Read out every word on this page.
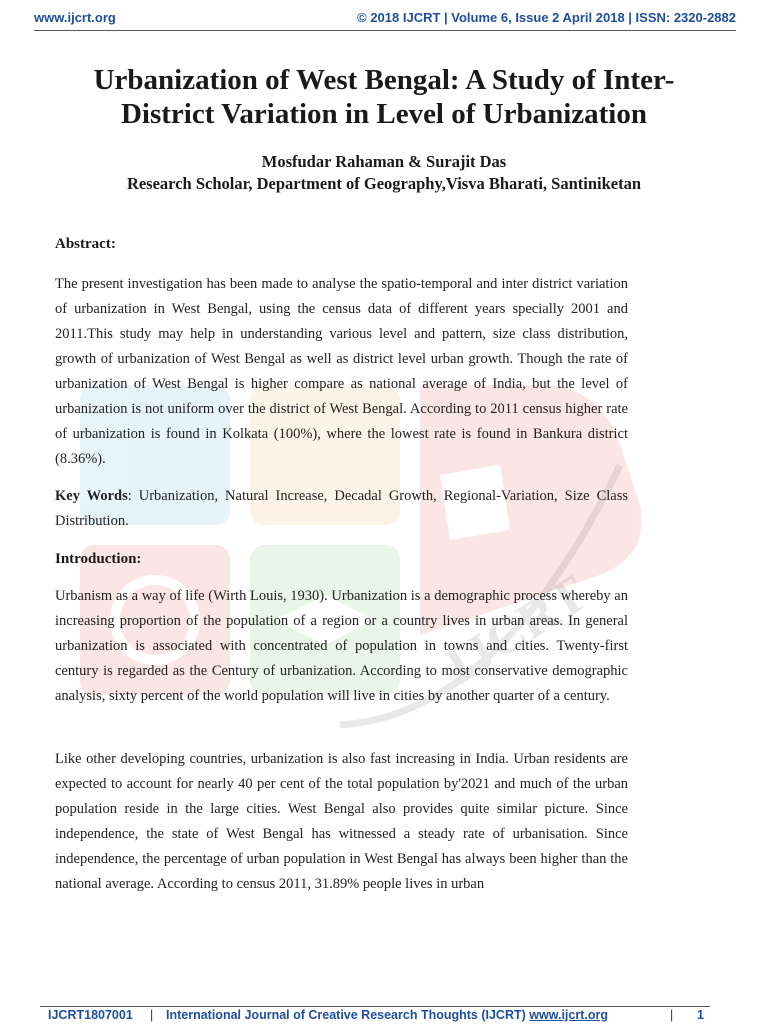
www.ijcrt.org	© 2018 IJCRT | Volume 6, Issue 2 April 2018 | ISSN: 2320-2882
IJCRT
Urbanization of West Bengal: A Study of Inter-
District Variation in Level of Urbanization
Mosfudar Rahaman & Surajit Das
Research Scholar, Department of Geography,Visva Bharati, Santiniketan
Abstract:
The present investigation has been made to analyse the spatio-temporal and inter district variation of urbanization in West Bengal, using the census data of different years specially 2001 and 2011.This study may help in understanding various level and pattern, size class distribution, growth of urbanization of West Bengal as well as district level urban growth. Though the rate of urbanization of West Bengal is higher compare as national average of India, but the level of urbanization is not uniform over the district of West Bengal. According to 2011 census higher rate of urbanization is found in Kolkata (100%), where the lowest rate is found in Bankura district (8.36%).
Key Words: Urbanization, Natural Increase, Decadal Growth, Regional-Variation, Size Class Distribution.
Introduction:
Urbanism as a way of life (Wirth Louis, 1930). Urbanization is a demographic process whereby an increasing proportion of the population of a region or a country lives in urban areas. In general urbanization is associated with concentrated of population in towns and cities. Twenty-first century is regarded as the Century of urbanization. According to most conservative demographic analysis, sixty percent of the world population will live in cities by another quarter of a century.
Like other developing countries, urbanization is also fast increasing in India. Urban residents are expected to account for nearly 40 per cent of the total population by'2021 and much of the urban population reside in the large cities. West Bengal also provides quite similar picture. Since independence, the state of West Bengal has witnessed a steady rate of urbanisation. Since independence, the percentage of urban population in West Bengal has always been higher than the national average. According to census 2011, 31.89% people lives in urban
IJCRT1807001 | International Journal of Creative Research Thoughts (IJCRT) www.ijcrt.org	| 1
